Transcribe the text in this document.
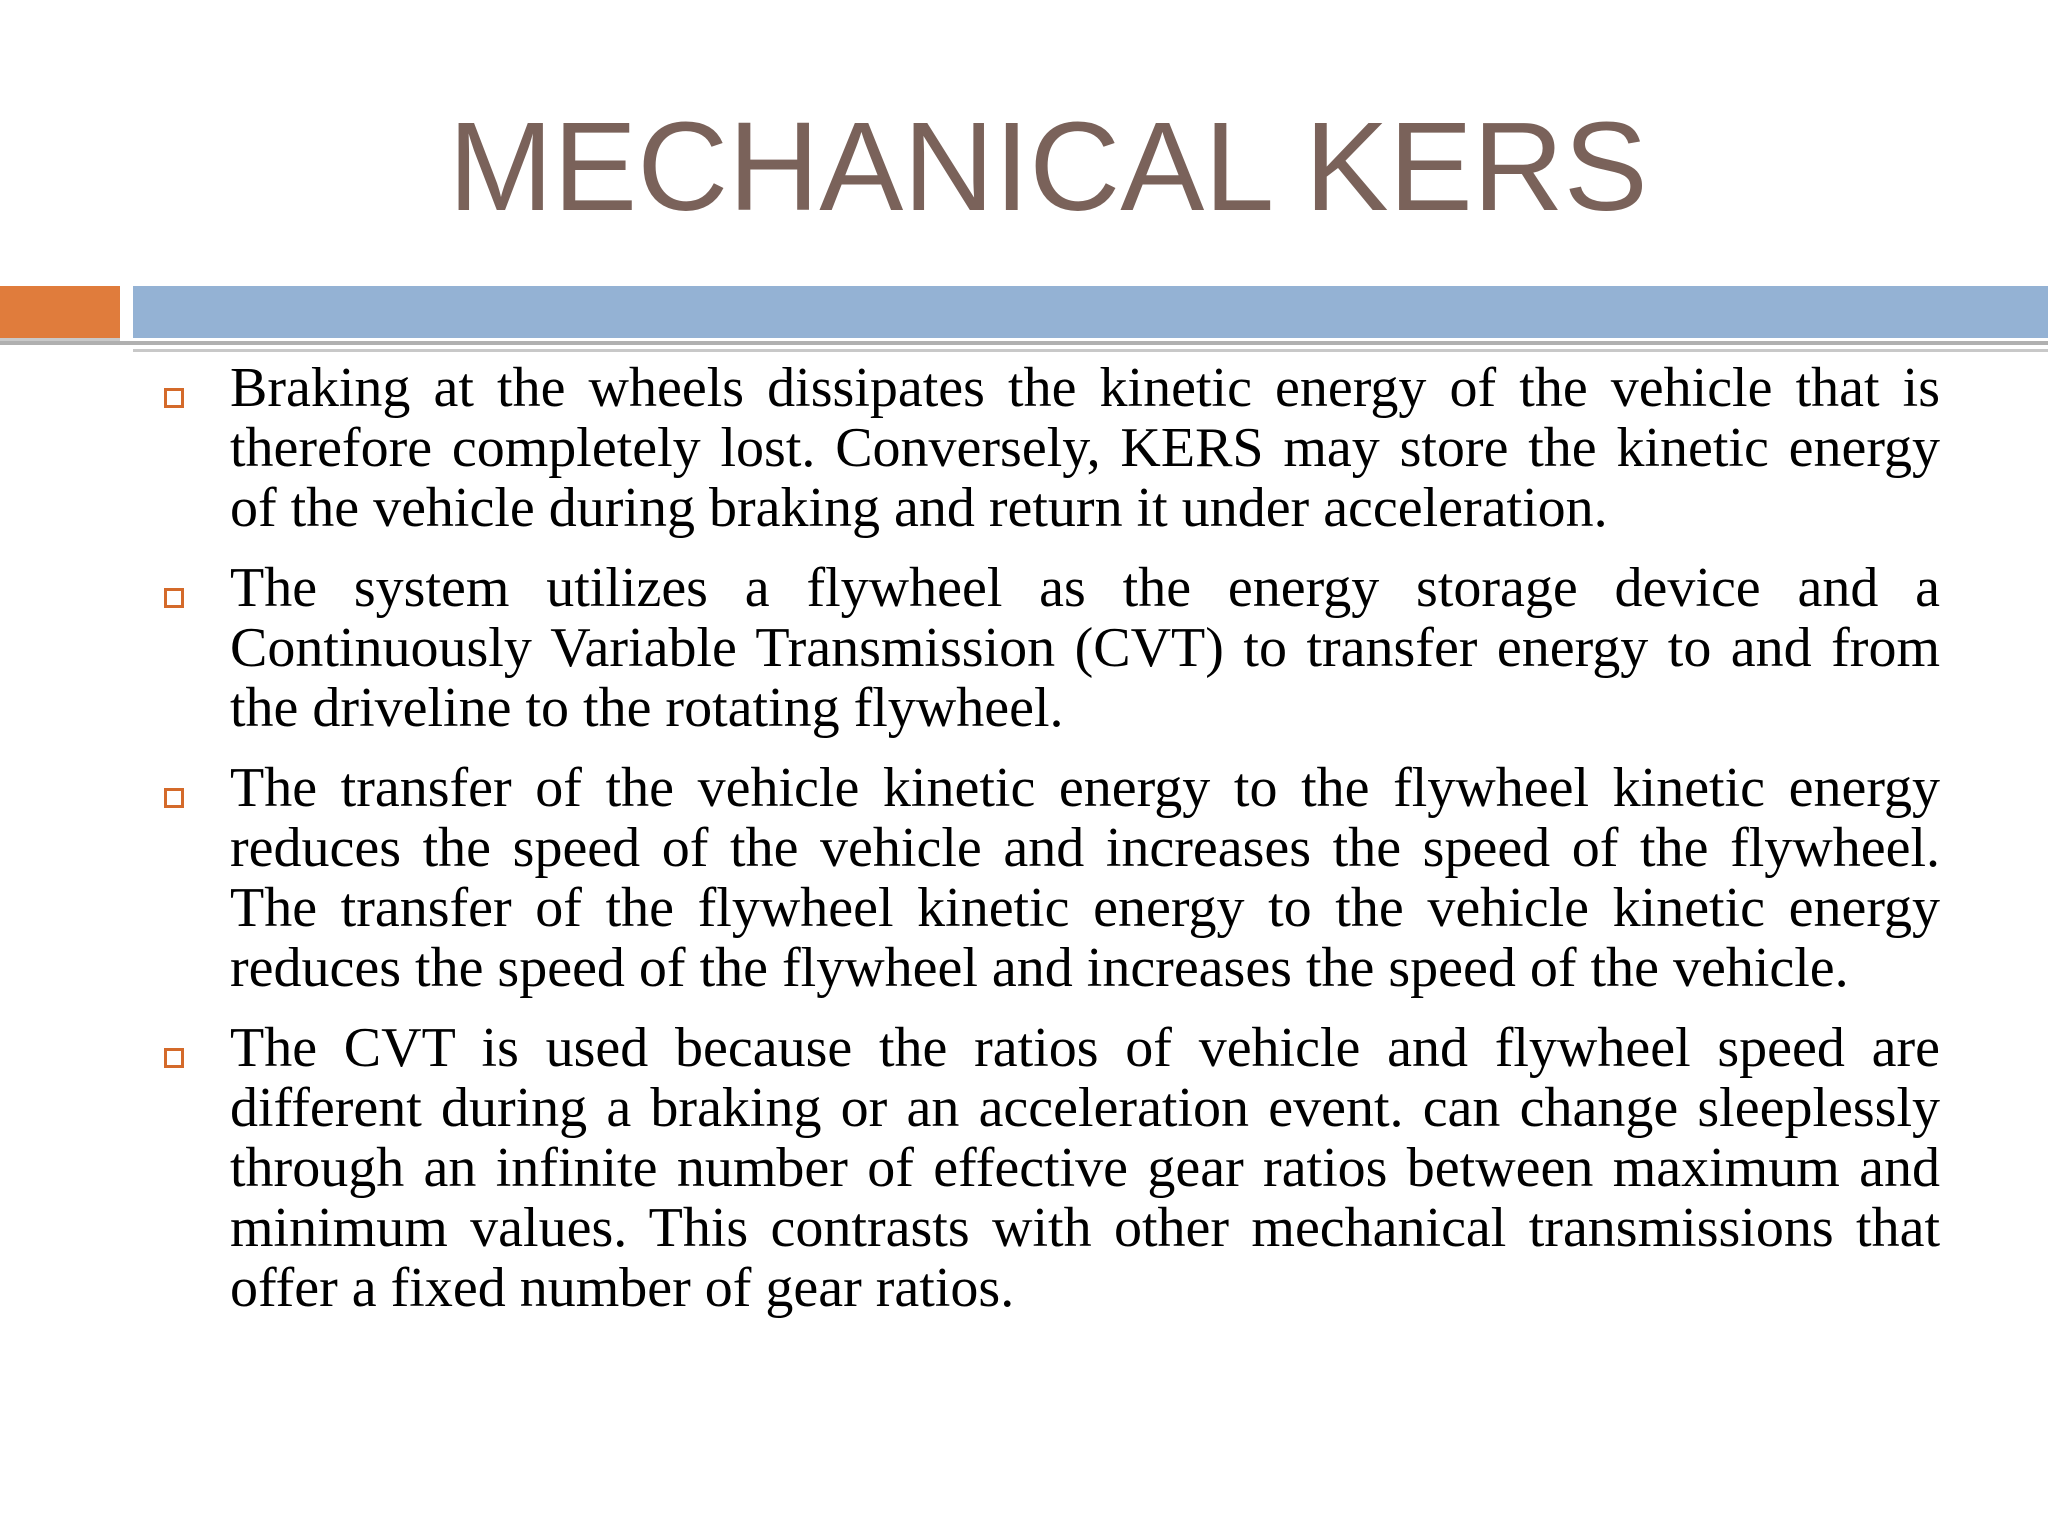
MECHANICAL KERS
Braking at the wheels dissipates the kinetic energy of the vehicle that is therefore completely lost. Conversely, KERS may store the kinetic energy of the vehicle during braking and return it under acceleration.
The system utilizes a flywheel as the energy storage device and a Continuously Variable Transmission (CVT) to transfer energy to and from the driveline to the rotating flywheel.
The transfer of the vehicle kinetic energy to the flywheel kinetic energy reduces the speed of the vehicle and increases the speed of the flywheel. The transfer of the flywheel kinetic energy to the vehicle kinetic energy reduces the speed of the flywheel and increases the speed of the vehicle.
The CVT is used because the ratios of vehicle and flywheel speed are different during a braking or an acceleration event. can change sleeplessly through an infinite number of effective gear ratios between maximum and minimum values. This contrasts with other mechanical transmissions that offer a fixed number of gear ratios.
